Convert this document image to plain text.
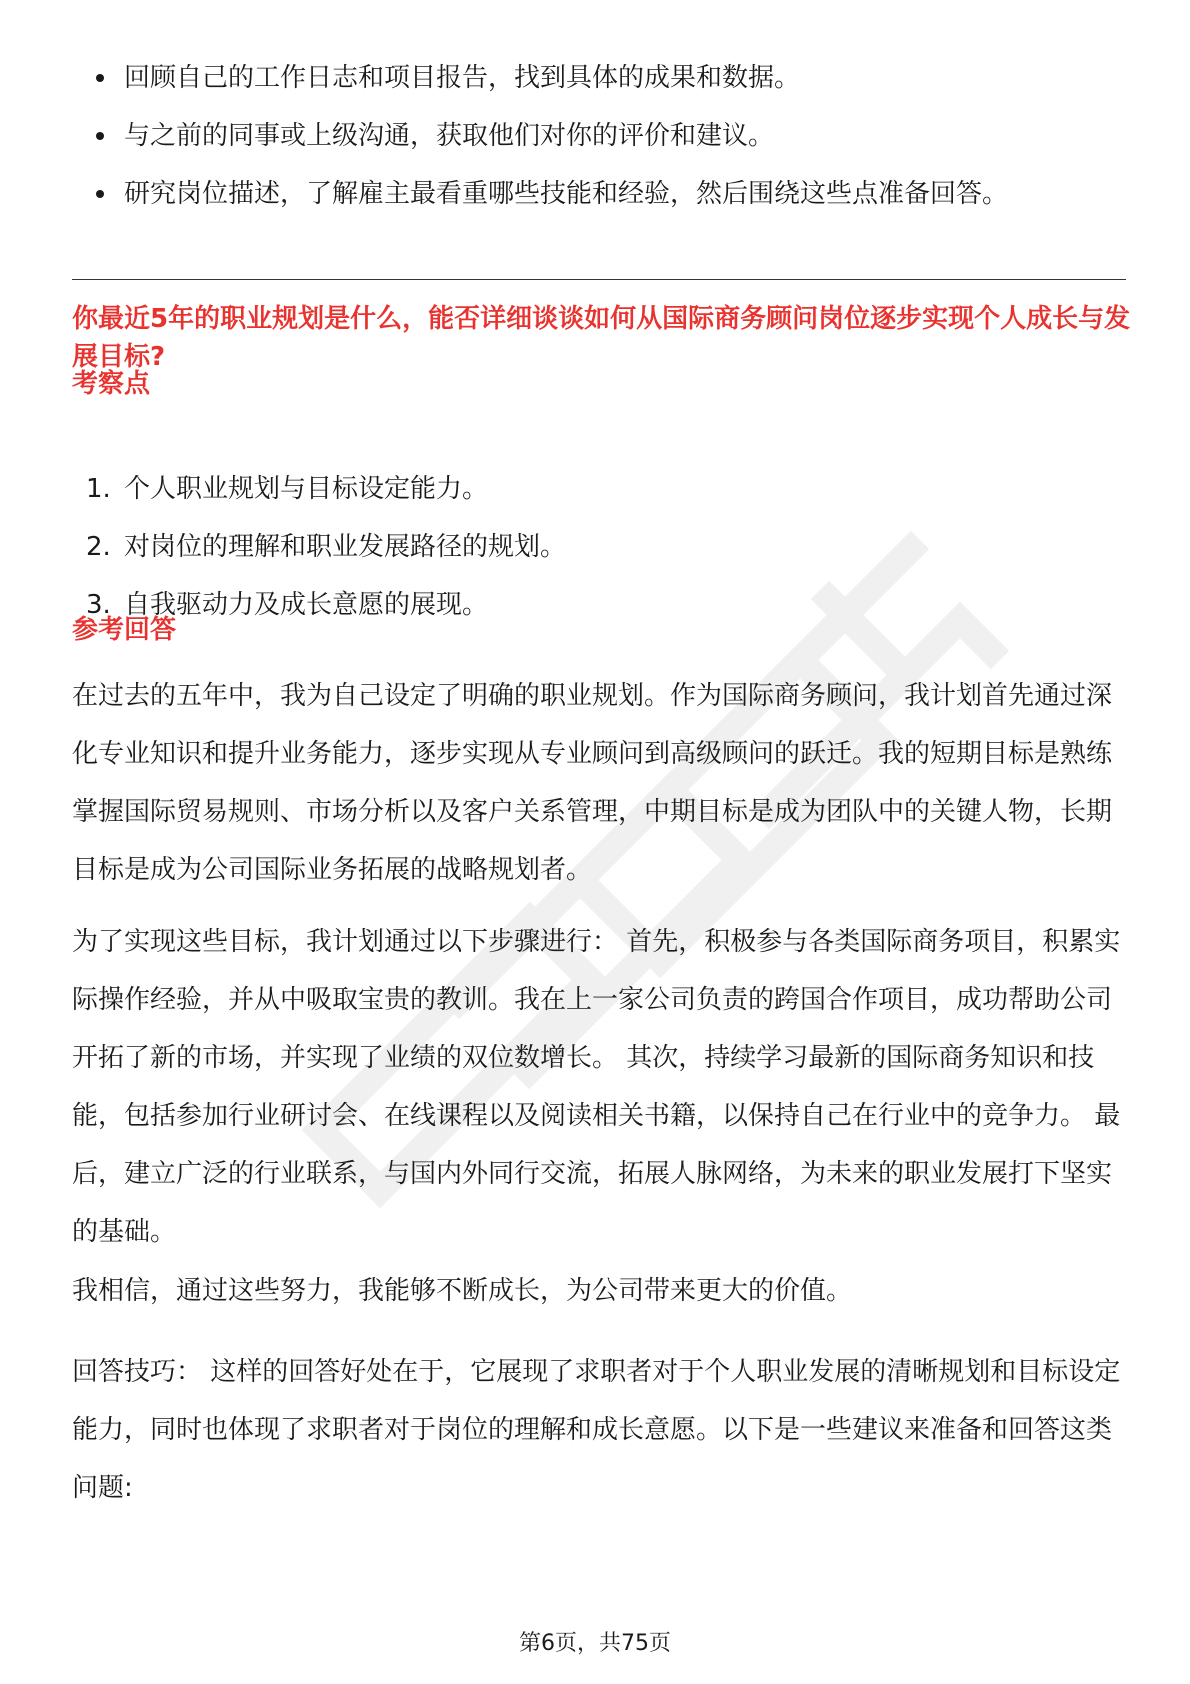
回顾自己的工作日志和项目报告，找到具体的成果和数据。
与之前的同事或上级沟通，获取他们对你的评价和建议。
研究岗位描述，了解雇主最看重哪些技能和经验，然后围绕这些点准备回答。
你最近5年的职业规划是什么，能否详细谈谈如何从国际商务顾问岗位逐步实现个人成长与发展目标?
考察点
1. 个人职业规划与目标设定能力。
2. 对岗位的理解和职业发展路径的规划。
3. 自我驱动力及成长意愿的展现。
参考回答

在过去的五年中，我为自己设定了明确的职业规划。作为国际商务顾问，我计划首先通过深化专业知识和提升业务能力，逐步实现从专业顾问到高级顾问的跃迁。我的短期目标是熟练掌握国际贸易规则、市场分析以及客户关系管理，中期目标是成为团队中的关键人物，长期目标是成为公司国际业务拓展的战略规划者。

为了实现这些目标，我计划通过以下步骤进行： 首先，积极参与各类国际商务项目，积累实际操作经验，并从中吸取宝贵的教训。我在上一家公司负责的跨国合作项目，成功帮助公司开拓了新的市场，并实现了业绩的双位数增长。 其次，持续学习最新的国际商务知识和技能，包括参加行业研讨会、在线课程以及阅读相关书籍，以保持自己在行业中的竞争力。 最后，建立广泛的行业联系，与国内外同行交流，拓展人脉网络，为未来的职业发展打下坚实的基础。

我相信，通过这些努力，我能够不断成长，为公司带来更大的价值。

回答技巧： 这样的回答好处在于，它展现了求职者对于个人职业发展的清晰规划和目标设定能力，同时也体现了求职者对于岗位的理解和成长意愿。以下是一些建议来准备和回答这类问题:

第6页，共75页
